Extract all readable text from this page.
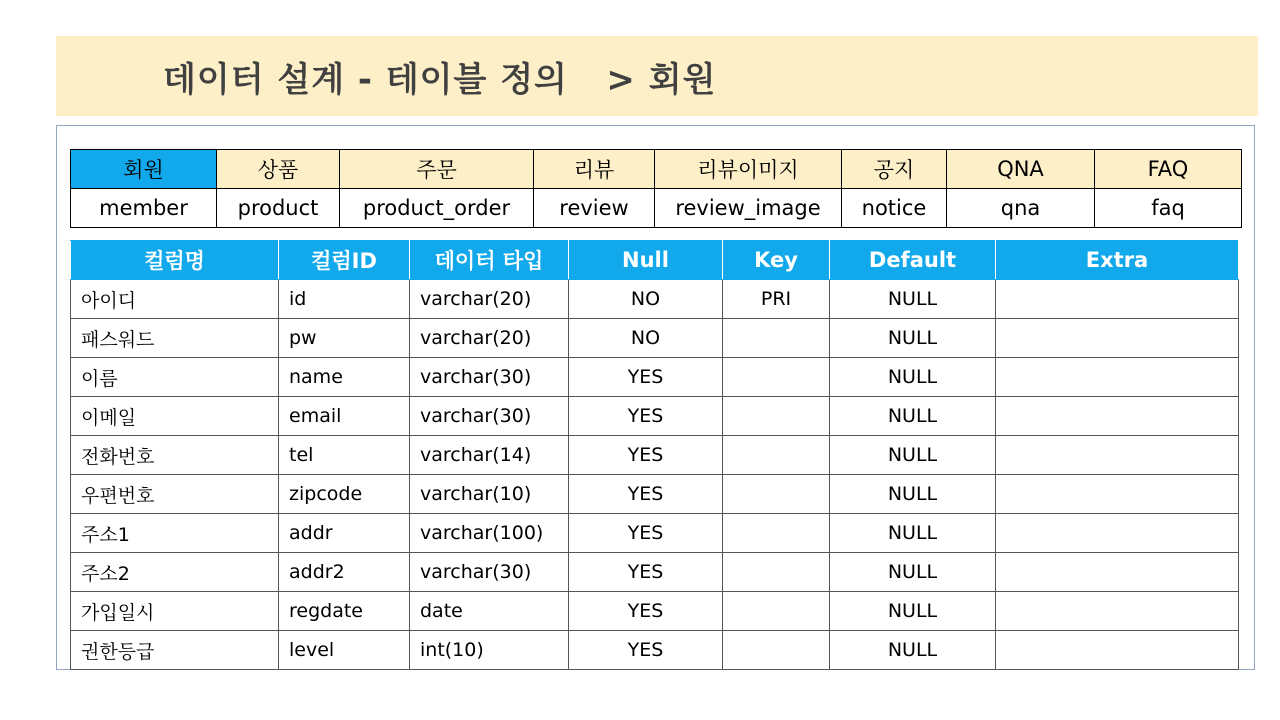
데이터 설계 - 테이블 정의   > 회원
회원	상품	주문	리뷰	리뷰이미지	공지	QNA	FAQ
member	product	product_order	review	review_image	notice	qna	faq
컬럼명	컬럼ID	데이터 타입	Null	Key	Default	Extra
아이디	id	varchar(20)	NO	PRI	NULL	
패스워드	pw	varchar(20)	NO		NULL	
이름	name	varchar(30)	YES		NULL	
이메일	email	varchar(30)	YES		NULL	
전화번호	tel	varchar(14)	YES		NULL	
우편번호	zipcode	varchar(10)	YES		NULL	
주소1	addr	varchar(100)	YES		NULL	
주소2	addr2	varchar(30)	YES		NULL	
가입일시	regdate	date	YES		NULL	
권한등급	level	int(10)	YES		NULL	
